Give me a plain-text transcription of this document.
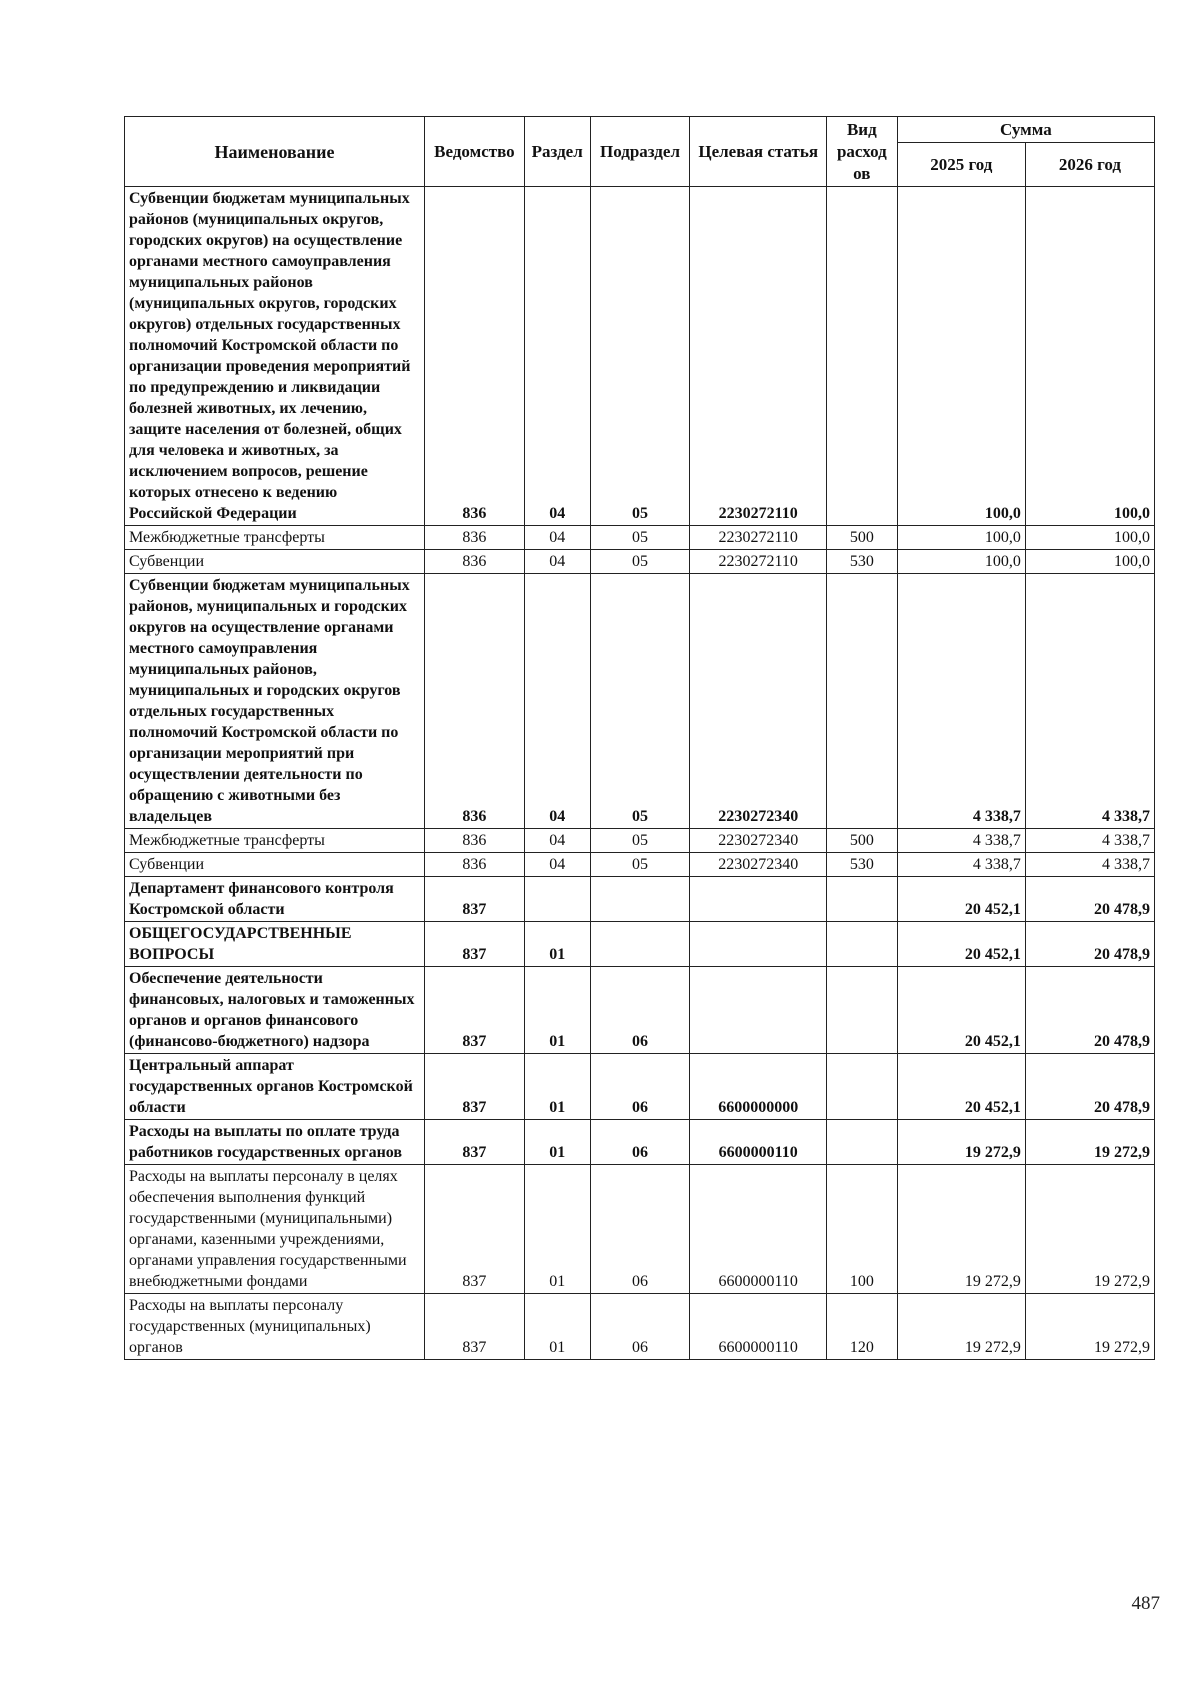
Наименование	Ведомство	Раздел	Подраздел	Целевая статья	Вид расход ов	Сумма	
						2025 год	2026 год
Субвенции бюджетам муниципальных районов (муниципальных округов, городских округов) на осуществление органами местного самоуправления муниципальных районов (муниципальных округов, городских округов) отдельных государственных полномочий Костромской области по организации проведения мероприятий по предупреждению и ликвидации болезней животных, их лечению, защите населения от болезней, общих для человека и животных, за исключением вопросов, решение которых отнесено к ведению Российской Федерации	836	04	05	2230272110		100,0	100,0
Межбюджетные трансферты	836	04	05	2230272110	500	100,0	100,0
Субвенции	836	04	05	2230272110	530	100,0	100,0
Субвенции бюджетам муниципальных районов, муниципальных и городских округов на осуществление органами местного самоуправления муниципальных районов, муниципальных и городских округов отдельных государственных полномочий Костромской области по организации мероприятий при осуществлении деятельности по обращению с животными без владельцев	836	04	05	2230272340		4 338,7	4 338,7
Межбюджетные трансферты	836	04	05	2230272340	500	4 338,7	4 338,7
Субвенции	836	04	05	2230272340	530	4 338,7	4 338,7
Департамент финансового контроля Костромской области	837					20 452,1	20 478,9
ОБЩЕГОСУДАРСТВЕННЫЕ ВОПРОСЫ	837	01				20 452,1	20 478,9
Обеспечение деятельности финансовых, налоговых и таможенных органов и органов финансового (финансово-бюджетного) надзора	837	01	06			20 452,1	20 478,9
Центральный аппарат государственных органов Костромской области	837	01	06	6600000000		20 452,1	20 478,9
Расходы на выплаты по оплате труда работников государственных органов	837	01	06	6600000110		19 272,9	19 272,9
Расходы на выплаты персоналу в целях обеспечения выполнения функций государственными (муниципальными) органами, казенными учреждениями, органами управления государственными внебюджетными фондами	837	01	06	6600000110	100	19 272,9	19 272,9
Расходы на выплаты персоналу государственных (муниципальных) органов	837	01	06	6600000110	120	19 272,9	19 272,9
487
